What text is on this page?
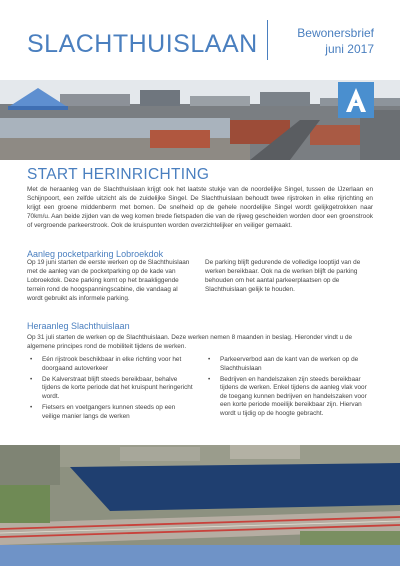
SLACHTHUISLAAN	Bewonersbrief
juni 2017
START HERINRICHTING

Met de heraanleg van de Slachthuislaan krijgt ook het laatste stukje van de noordelijke Singel, tussen de IJzerlaan en Schijnpoort, een zelfde uitzicht als de zuidelijke Singel. De Slachthuislaan behoudt twee rijstroken in elke rijrichting en krijgt een groene middenberm met bomen. De snelheid op de gehele noordelijke Singel wordt gelijkgetrokken naar 70km/u. Aan beide zijden van de weg komen brede fietspaden die van de rijweg gescheiden worden door een groenstrook of vergroende parkeerstrook. Ook de kruispunten worden overzichtelijker en veiliger gemaakt.

Aanleg pocketparking Lobroekdok

Op 19 juni starten de eerste werken op de Slachthuislaan met de aanleg van de pocketparking op de kade van Lobroekdok. Deze parking komt op het braakliggende terrein rond de hoogspanningscabine, die vandaag al wordt gebruikt als informele parking.

De parking blijft gedurende de volledige looptijd van de werken bereikbaar. Ook na de werken blijft de parking behouden om het aantal parkeerplaatsen op de Slachthuislaan gelijk te houden.

Heraanleg Slachthuislaan

Op 31 juli starten de werken op de Slachthuislaan. Deze werken nemen 8 maanden in beslag. Hieronder vindt u de algemene principes rond de mobiliteit tijdens de werken.

• Eén rijstrook beschikbaar in elke richting voor het doorgaand autoverkeer
• De Kalverstraat blijft steeds bereikbaar, behalve tijdens de korte periode dat het kruispunt heringericht wordt.
• Fietsers en voetgangers kunnen steeds op een veilige manier langs de werken
• Parkeerverbod aan de kant van de werken op de Slachthuislaan
• Bedrijven en handelszaken zijn steeds bereikbaar tijdens de werken. Enkel tijdens de aanleg vlak voor de toegang kunnen bedrijven en handelszaken voor een korte periode moeilijk bereikbaar zijn. Hiervan wordt u tijdig op de hoogte gebracht.
